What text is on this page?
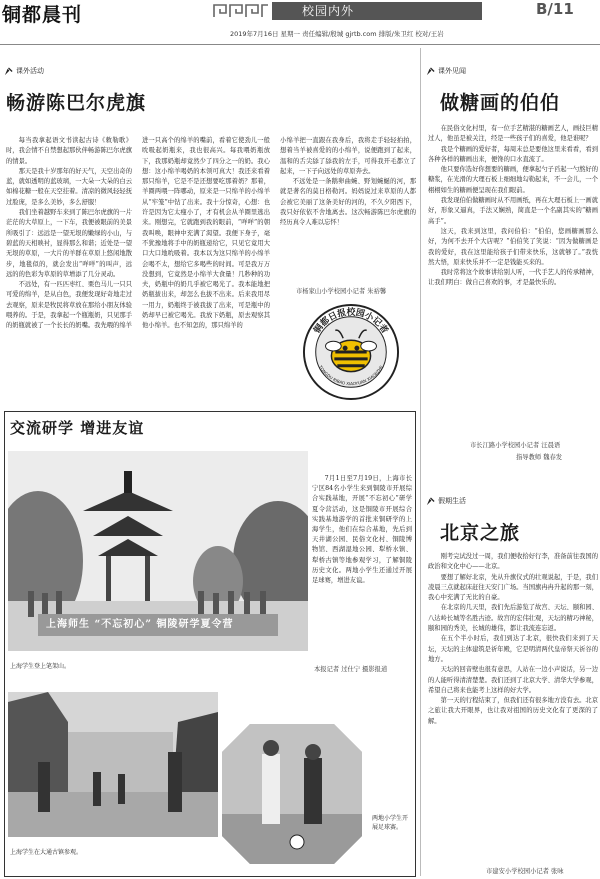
铜都晨刊	校园内外	B/11
2019年7月16日 星期一 责任编辑/殷城 gjrtb.com 排版/朱卫红 校对/王岩
课外活动
畅游陈巴尔虎旗

每当我拿起语文书读起古诗《敕勒歌》时，我会情不自禁想起那伙伴畅游陈巴尔虎旗的情景。

那天是我十岁那年的好天气，天空出奇的蓝，就如透明的蓝玻璃，一大朵一大朵的白云如棉花糖一般在天空挂着。清凉的微风轻轻抚过脸庞，是多么美妙，多么舒服！

我们坐着越野车来到了陈巴尔虎旗的一片茫茫的大草原上，一下车，我便被眼前的美景所吸引了：远远是一望无垠的嫩绿的小山，与碧蓝的天相映衬，显得那么和谐；近处是一望无垠的草原，一大片的羊群在草原上悠闲地散步，地毯似的，就会发出“咩咩”的叫声，远远的的色彩为草原的草增添了几分灵动。

不远处，有一匹匹枣红、栗色马儿一只只可爱的绵羊，是从白色，我便发现好奇地走过去观察，原来是牧民将草放在那给小朋友体验喂养的。于是，我拿起一个瓶瓶奶，只见那手的奶瓶就被了一个长长的奶嘴。我先喂的绵羊

进一只高个的绵羊的嘴前，看着它使劲儿一般吮吸起奶瓶来，我也很高兴。每我喂奶瓶放下，我那奶瓶却竟然少了四分之一的奶。我心想：这小绵羊喝奶的本领可真大！我还来看着那只绵羊，它是不是还想要吃那着奶？那着，羊圈两喂一阵哪动，原来是一只绵羊的小绵羊从“牢笼”中钻了出来。我十分惊奇，心想：也许是因为它太瘦小了，才有机会从羊圈里逃出来。刚想完，它就跑到我的眼前，“咩咩”的朝我叫唤，眼神中充满了渴望。我便下身子，毫不犹豫地将手中的奶瓶递给它，只见它竟用大口大口地吮吸着。我本以为这只绵羊的小绵羊会喝不太，想给它多喝些的时间。可是我万万没想到，它竟然是小绵羊大食量！几秒种的功夫，奶瓶中的奶几乎被它喝光了。我本能地把奶瓶拔出来，却怎么也拔不出来。后来我用尽一用力，奶瓶终于被我拔了出来，可是瓶中的奶却早已被它喝光。我放下奶瓶，原去观察其他小绵羊。也不知怎的，那只绵羊的

小绵羊把一直跟在我身后，我将走手轻轻拍拍，想着当羊被喜爱的的小绵羊，说便跑到了起来，温和的舌尖舔了舔我的左手，可得我开毛都立了起来，一下子向远处的草原奔去。

不远处是一条鹅卵曲蜿、野划蜿蜒的河，那就是著名的莫日格勒河。妈妈说过来草原的人都会被它美丽了这条美好的河的，不久夕阳西下，我只好依依不舍地离去。这次畅游陈巴尔虎旗的经历真令人难以忘怀！

市杨家山小学校园小记者 朱裕馨
铜都日报校园小记者
TONGDU RIBAO XIAOYUAN XIAOJIZHE
交流研学 增进友谊
上海师生 “不忘初心” 铜陵研学夏令营
上海学生登上笔架山。

7月1日至7月19日，上海市长宁区84名小学生来到铜陵市开展综合实践基地，开展“不忘初心”研学夏令营活动，这是铜陵市开展综合实践基地游学的首批来铜研学的上海学生，他们在综合基地，先后到天井湖公园、民俗文化村、铜陵博物馆、西湖湿地公园、犁桥水镇、犁桥古镇等地参观学习，了解铜陵历史文化。两地小学生还通过开展足球赛，增进友谊。

本报记者 过仕宁 摄影报道
上海学生在大通古镇参观。
两地小学生开展足球赛。
课外见闻
做糖画的伯伯

在民俗文化村里，有一位手艺精湛的糖画艺人，画技巨精过人，他虽是被关注，经是一些孩子们的喜爱，他是谁呢？

我是个糖画的爱好者，每周末总是要他这里来看看，看到各种各样的糖画出来，便馋的口水直流了。

他只要你选好你想要的糖画，便拿起勺子舀起一勺熬好的糖浆，在光滑的大理石板上细细地勾勒起来，不一会儿，一个栩栩如生的糖画便呈现在我们眼前。

我发现伯伯做糖画时从不用画纸，再在大理石板上一画就好，形象又逼真，手法又娴熟，简直是一个名副其实的“糖画高手”。

这天，我来到这里，我问伯伯：“伯伯，您画糖画那么好，为何不去开个大店呢？”伯伯笑了笑说：“因为做糖画是我的爱好，我在这里能给孩子们带来快乐，这就够了。”我恍然大悟，原来快乐并不一定是钱能买来的。

我时常将这个故事讲给别人听，一代手艺人的传承精神，让我们明白：做自己喜欢的事，才是最快乐的。

市长江路小学校园小记者 汪晨语
指导教师 魏春发
假期生活
北京之旅

刚考完试没过一周，我们便收拾好行李，准备前往我国的政治和文化中心——北京。

要想了解好北京，先从升旗仪式的壮观说起，于是，我们凌晨三点就起床赶往天安门广场。当国旗冉冉升起的那一刻，我心中充满了无比的自豪。

在北京的几天里，我们先后游览了故宫、天坛、颐和园、八达岭长城等名胜古迹。故宫的宏伟壮观，天坛的精巧神秘，颐和园的秀美，长城的雄伟，都让我流连忘返。

在五个半小时后，我们到达了北京，很快我们来到了天坛，天坛的主体建筑是祈年殿，它是明清两代皇帝祭天祈谷的地方。

天坛的回音壁也很有意思，人站在一边小声说话，另一边的人能听得清清楚楚。我们还到了北京大学、清华大学参观，希望自己将来也能考上这样的好大学。

第一天的行程结束了，但我们还有很多地方没有去。北京之旅让我大开眼界，也让我对祖国的历史文化有了更深的了解。

市建安小学校园小记者 张咏
